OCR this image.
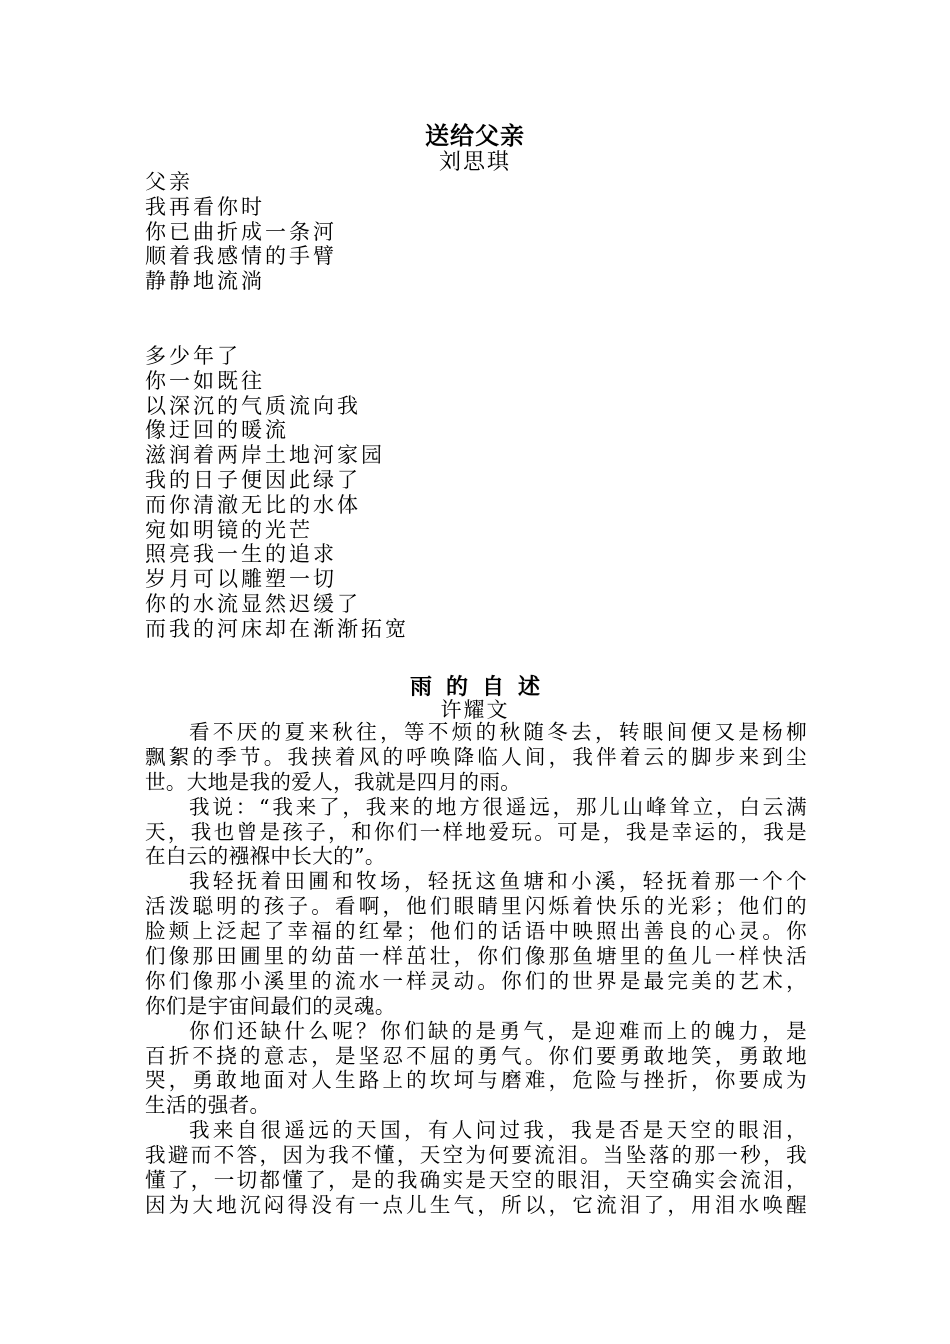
送给父亲
刘思琪
父亲
我再看你时
你已曲折成一条河
顺着我感情的手臂
静静地流淌
多少年了
你一如既往
以深沉的气质流向我
像迂回的暖流
滋润着两岸土地河家园
我的日子便因此绿了
而你清澈无比的水体
宛如明镜的光芒
照亮我一生的追求
岁月可以雕塑一切
你的水流显然迟缓了
而我的河床却在渐渐拓宽
雨的自述
许耀文
看不厌的夏来秋往，等不烦的秋随冬去，转眼间便又是杨柳
飘絮的季节。我挟着风的呼唤降临人间，我伴着云的脚步来到尘
世。大地是我的爱人，我就是四月的雨。
我说：“我来了，我来的地方很遥远，那儿山峰耸立，白云满
天，我也曾是孩子，和你们一样地爱玩。可是，我是幸运的，我是
在白云的襁褓中长大的”。
我轻抚着田圃和牧场，轻抚这鱼塘和小溪，轻抚着那一个个
活泼聪明的孩子。看啊，他们眼睛里闪烁着快乐的光彩；他们的
脸颊上泛起了幸福的红晕；他们的话语中映照出善良的心灵。你
们像那田圃里的幼苗一样茁壮，你们像那鱼塘里的鱼儿一样快活
你们像那小溪里的流水一样灵动。你们的世界是最完美的艺术，
你们是宇宙间最们的灵魂。
你们还缺什么呢？你们缺的是勇气，是迎难而上的魄力，是
百折不挠的意志，是坚忍不屈的勇气。你们要勇敢地笑，勇敢地
哭，勇敢地面对人生路上的坎坷与磨难，危险与挫折，你要成为
生活的强者。
我来自很遥远的天国，有人问过我，我是否是天空的眼泪，
我避而不答，因为我不懂，天空为何要流泪。当坠落的那一秒，我
懂了，一切都懂了，是的我确实是天空的眼泪，天空确实会流泪，
因为大地沉闷得没有一点儿生气，所以，它流泪了，用泪水唤醒
